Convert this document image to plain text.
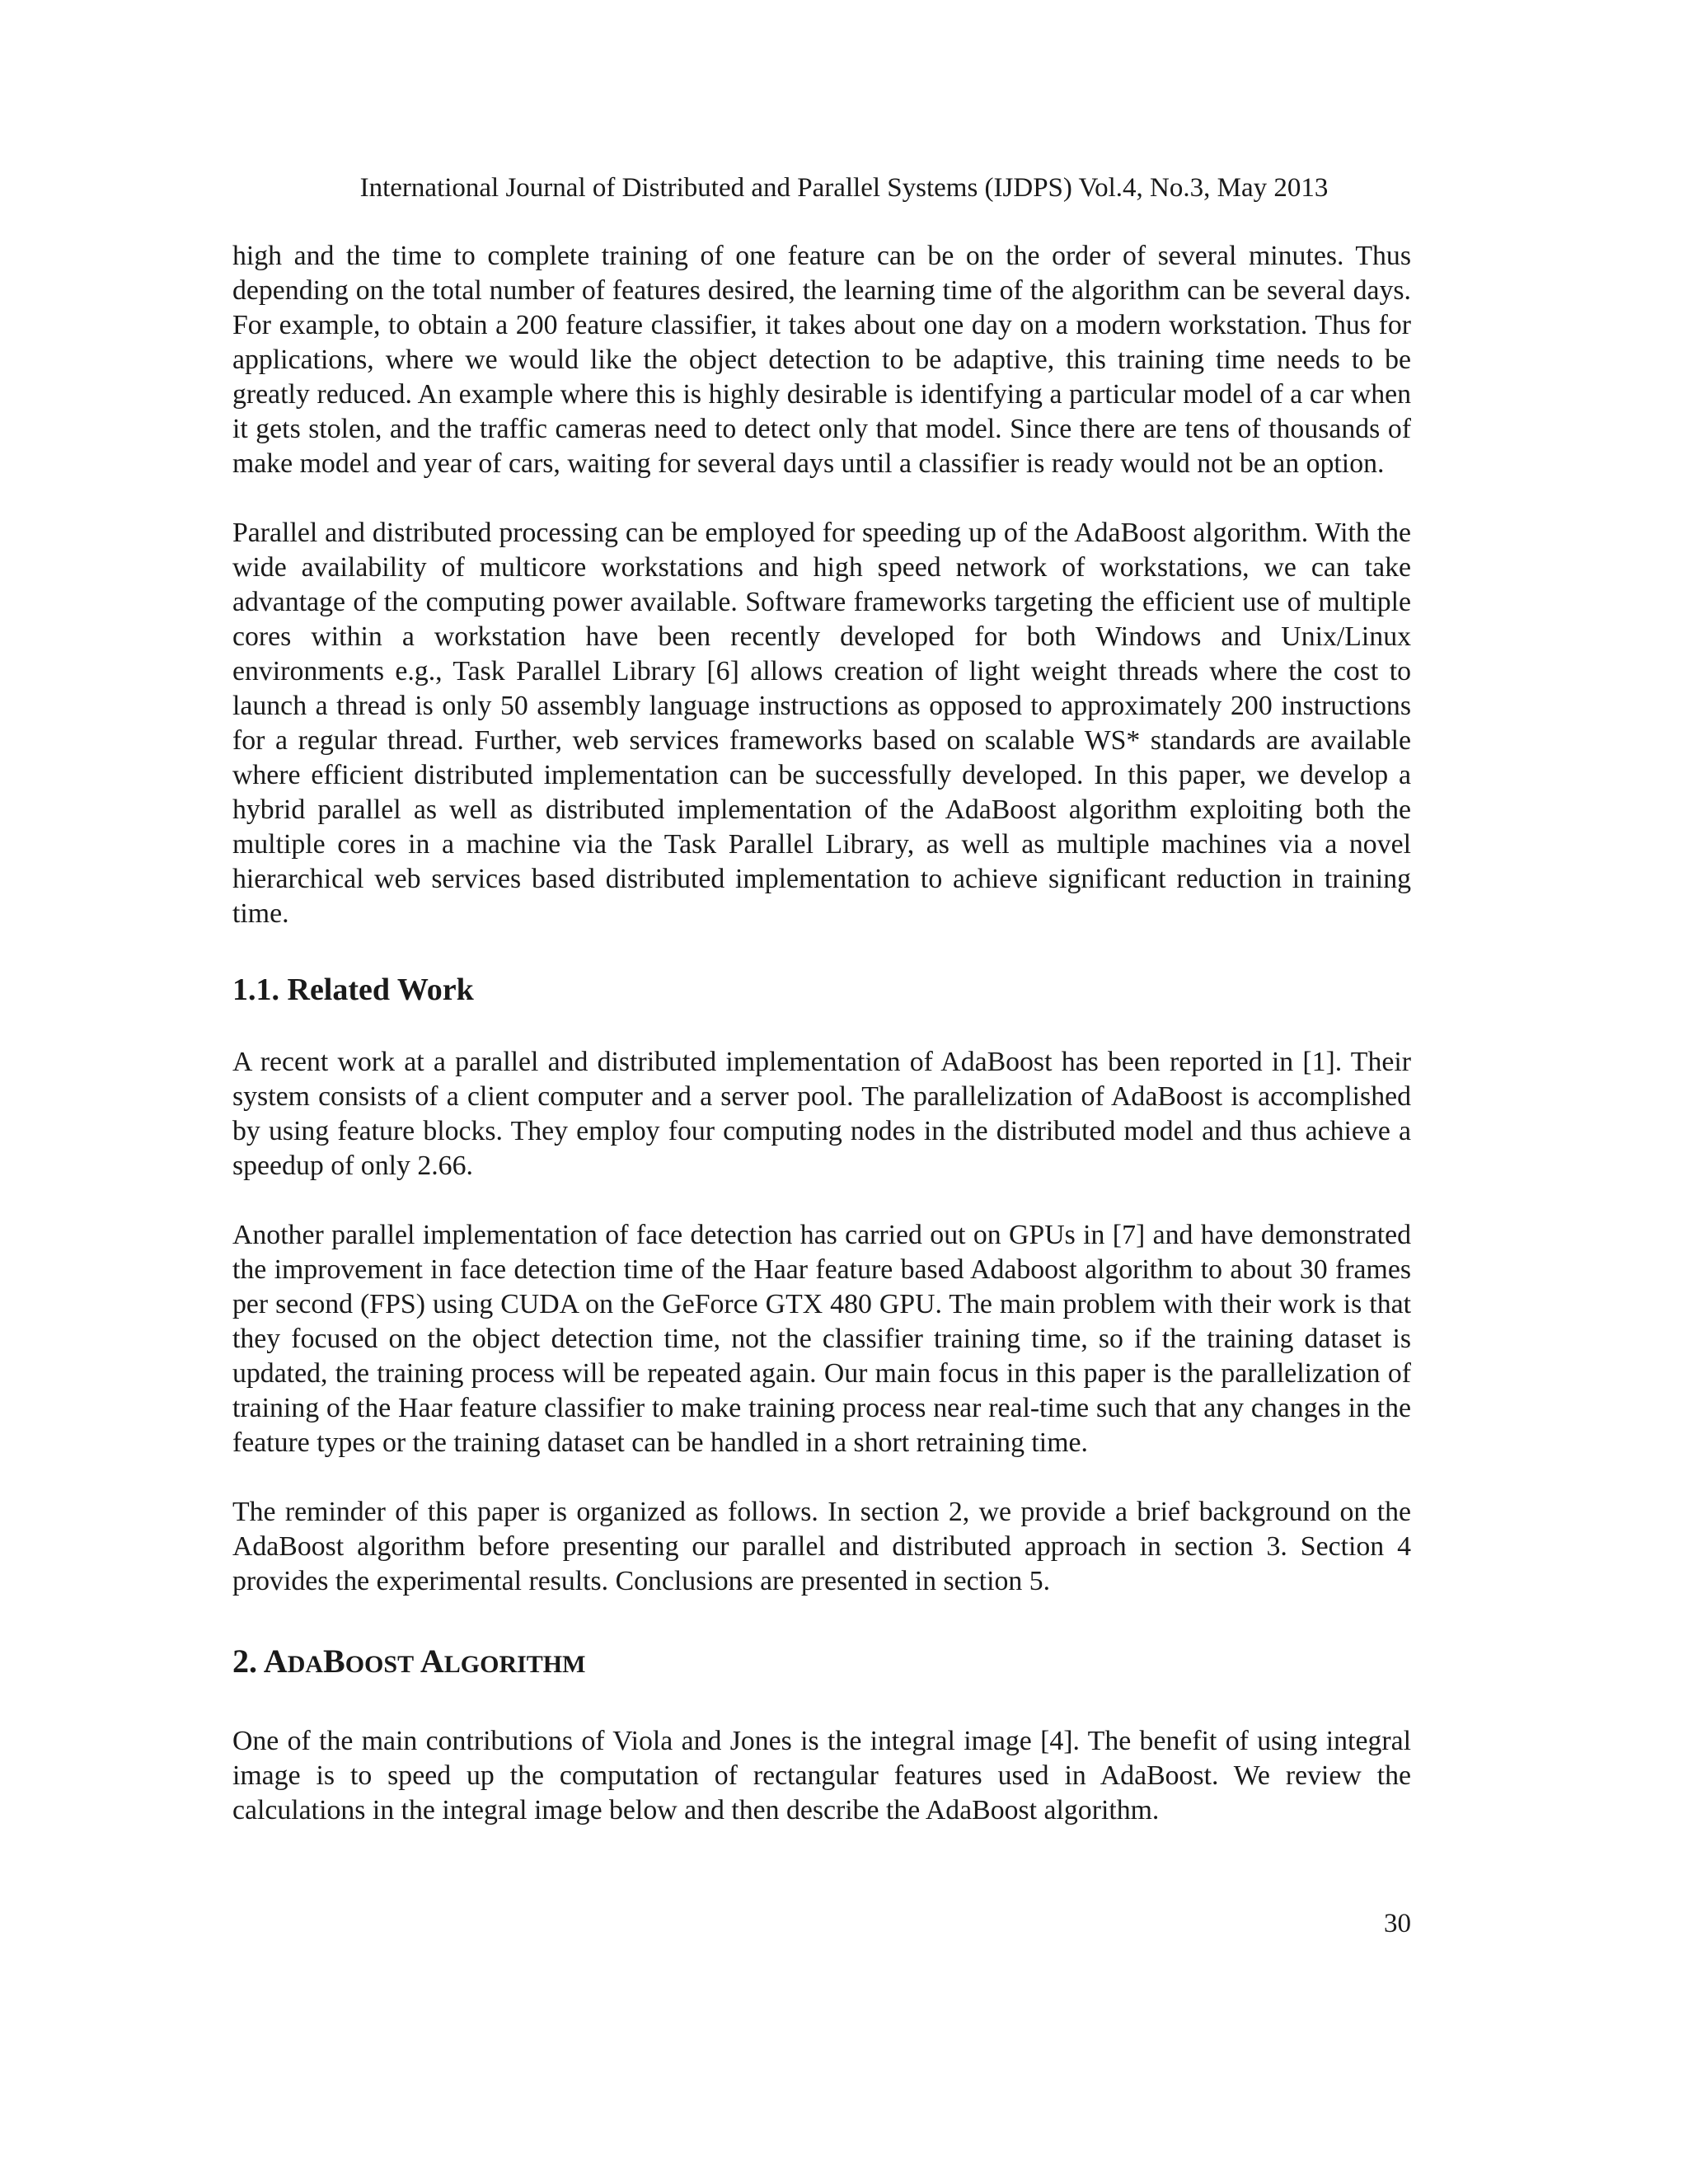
International Journal of Distributed and Parallel Systems (IJDPS) Vol.4, No.3, May 2013

high and the time to complete training of one feature can be on the order of several minutes. Thus depending on the total number of features desired, the learning time of the algorithm can be several days. For example, to obtain a 200 feature classifier, it takes about one day on a modern workstation. Thus for applications, where we would like the object detection to be adaptive, this training time needs to be greatly reduced. An example where this is highly desirable is identifying a particular model of a car when it gets stolen, and the traffic cameras need to detect only that model. Since there are tens of thousands of make model and year of cars, waiting for several days until a classifier is ready would not be an option.

Parallel and distributed processing can be employed for speeding up of the AdaBoost algorithm. With the wide availability of multicore workstations and high speed network of workstations, we can take advantage of the computing power available. Software frameworks targeting the efficient use of multiple cores within a workstation have been recently developed for both Windows and Unix/Linux environments e.g., Task Parallel Library [6] allows creation of light weight threads where the cost to launch a thread is only 50 assembly language instructions as opposed to approximately 200 instructions for a regular thread. Further, web services frameworks based on scalable WS* standards are available where efficient distributed implementation can be successfully developed. In this paper, we develop a hybrid parallel as well as distributed implementation of the AdaBoost algorithm exploiting both the multiple cores in a machine via the Task Parallel Library, as well as multiple machines via a novel hierarchical web services based distributed implementation to achieve significant reduction in training time.

1.1. Related Work

A recent work at a parallel and distributed implementation of AdaBoost has been reported in [1]. Their system consists of a client computer and a server pool. The parallelization of AdaBoost is accomplished by using feature blocks. They employ four computing nodes in the distributed model and thus achieve a speedup of only 2.66.

Another parallel implementation of face detection has carried out on GPUs in [7] and have demonstrated the improvement in face detection time of the Haar feature based Adaboost algorithm to about 30 frames per second (FPS) using CUDA on the GeForce GTX 480 GPU. The main problem with their work is that they focused on the object detection time, not the classifier training time, so if the training dataset is updated, the training process will be repeated again. Our main focus in this paper is the parallelization of training of the Haar feature classifier to make training process near real-time such that any changes in the feature types or the training dataset can be handled in a short retraining time.

The reminder of this paper is organized as follows. In section 2, we provide a brief background on the AdaBoost algorithm before presenting our parallel and distributed approach in section 3. Section 4 provides the experimental results. Conclusions are presented in section 5.

2. ADABOOST ALGORITHM

One of the main contributions of Viola and Jones is the integral image [4]. The benefit of using integral image is to speed up the computation of rectangular features used in AdaBoost. We review the calculations in the integral image below and then describe the AdaBoost algorithm.

30
